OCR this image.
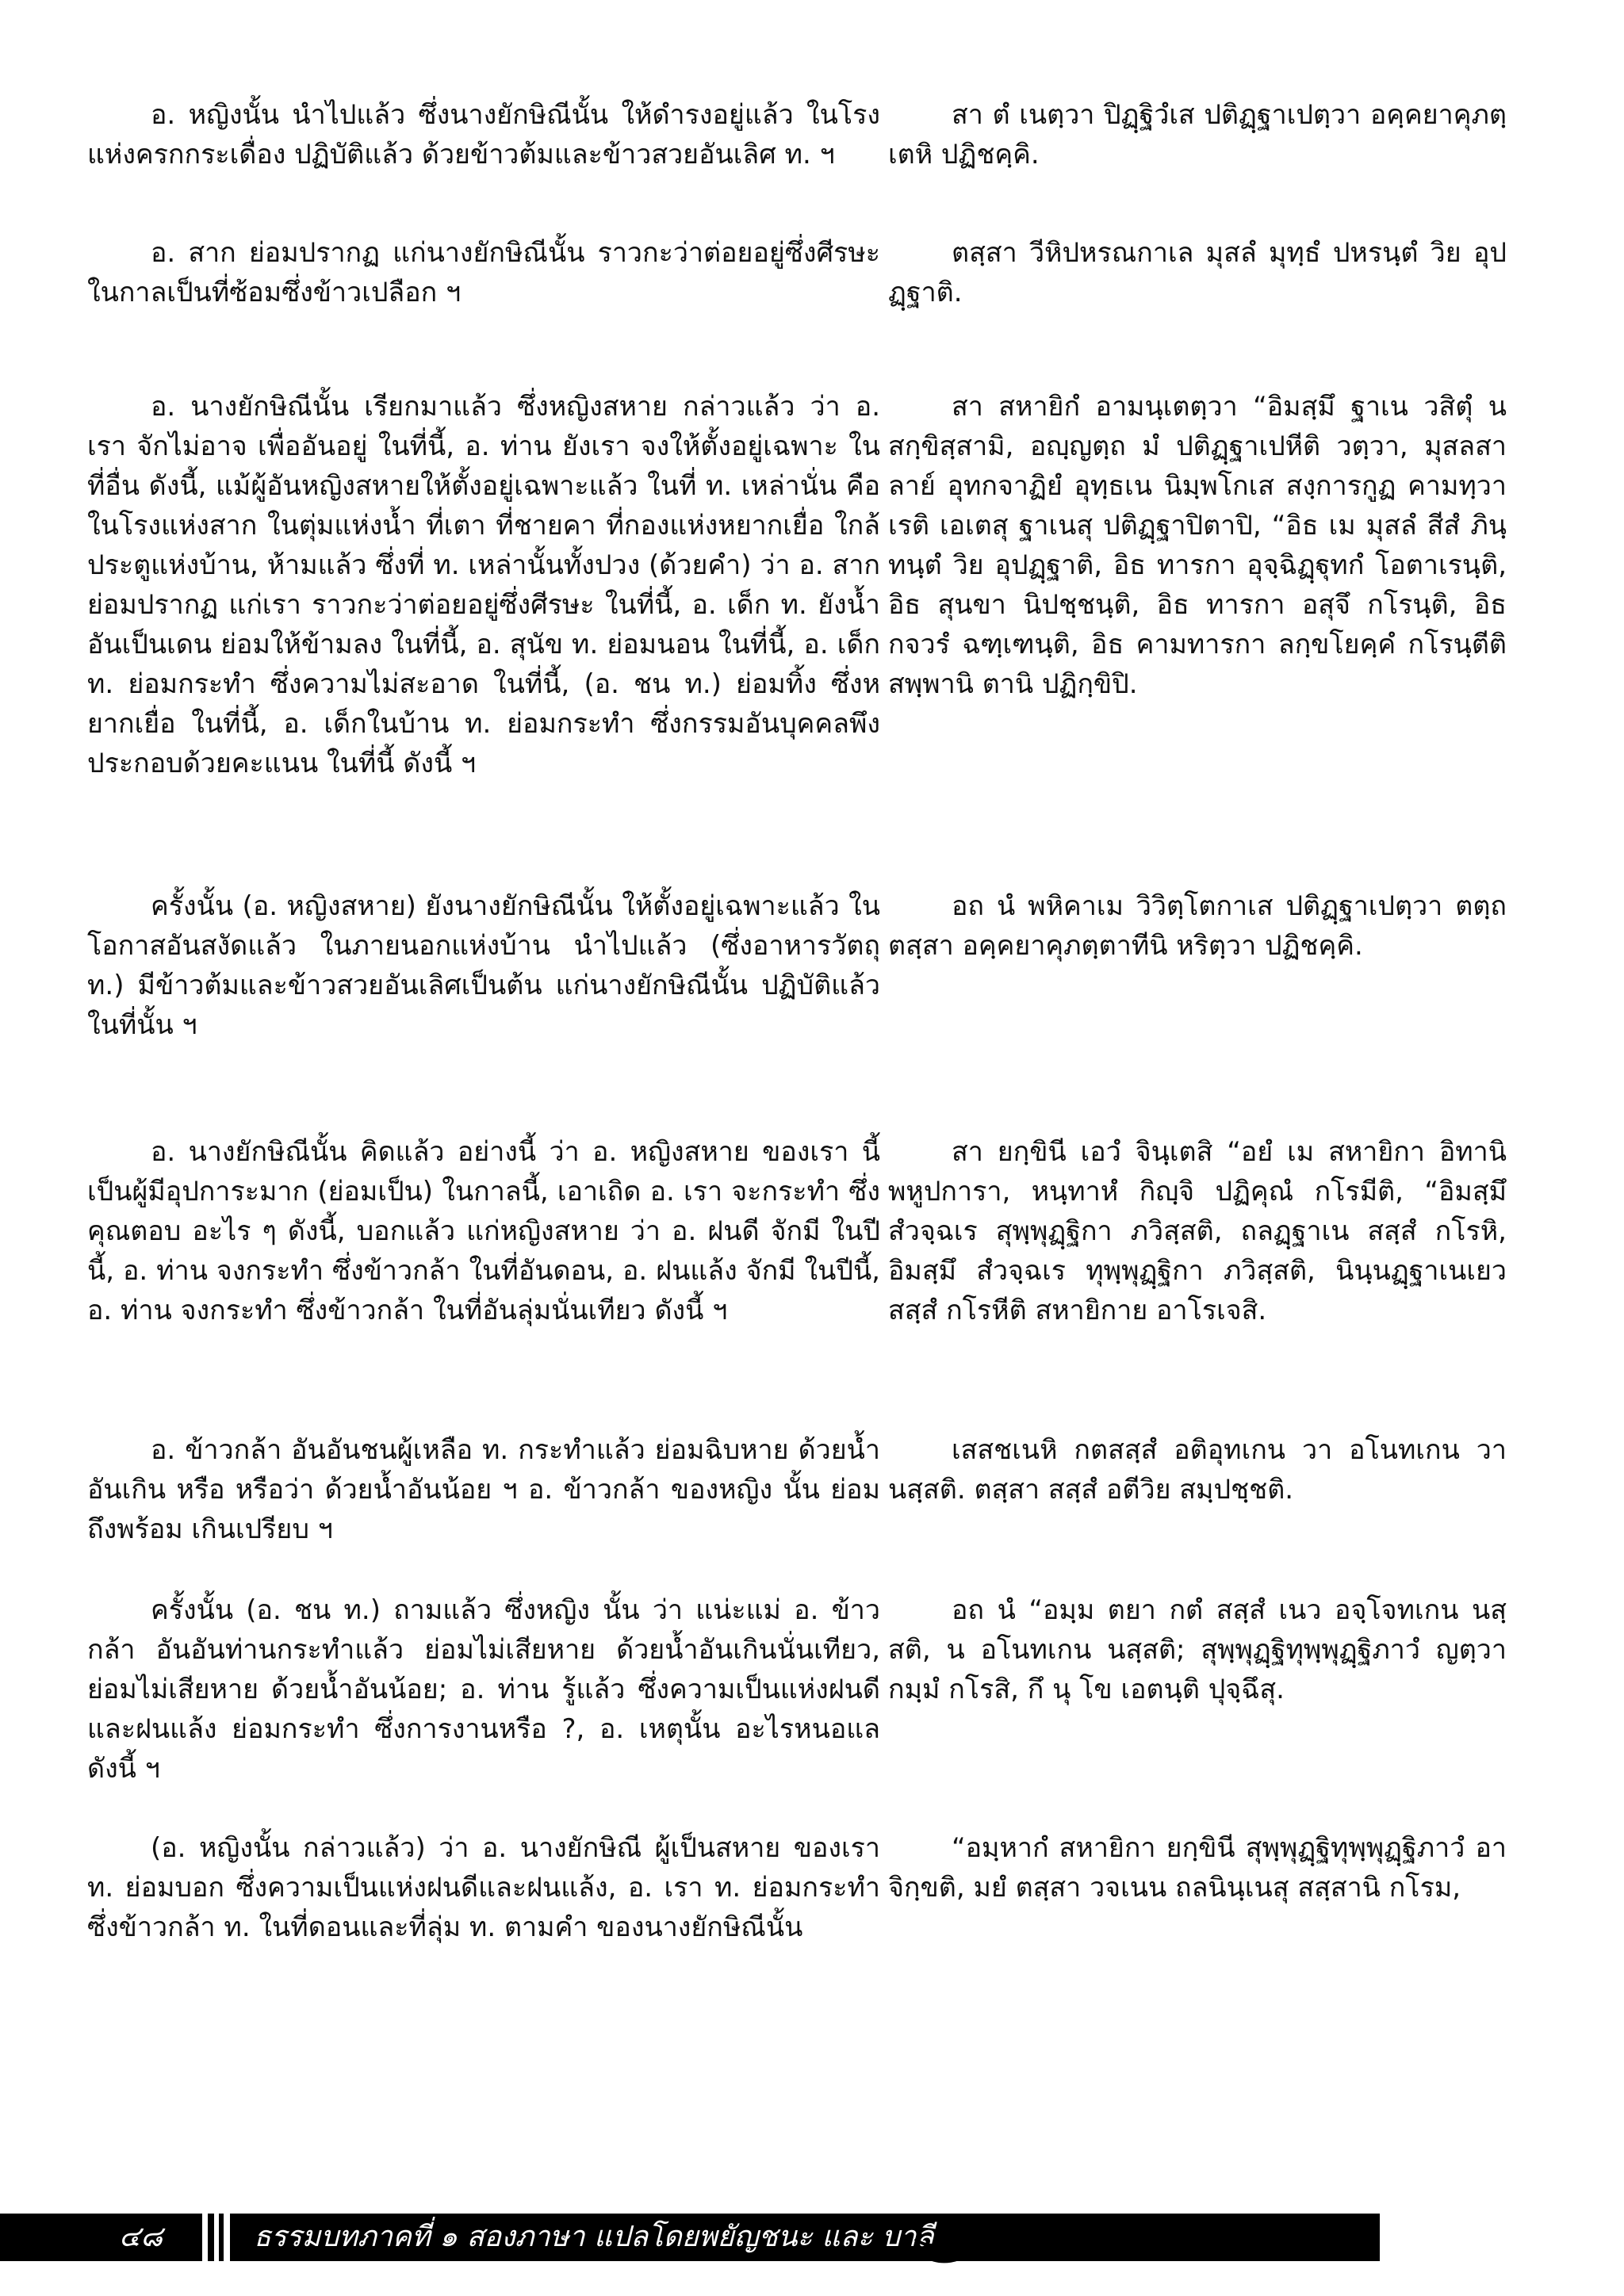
อ. หญิงนั้น นำไปแล้ว ซึ่งนางยักษิณีนั้น ให้ดำรงอยู่แล้ว ในโรงแห่งครกกระเดื่อง ปฏิบัติแล้ว ด้วยข้าวต้มและข้าวสวยอันเลิศ ท. ฯ

สา ตํ เนตฺวา ปิฏฺฐิวํเส ปติฏฺฐาเปตฺวา อคฺคยาคุภตฺเตหิ ปฏิชคฺคิ.

อ. สาก ย่อมปรากฏ แก่นางยักษิณีนั้น ราวกะว่าต่อยอยู่ซึ่งศีรษะ ในกาลเป็นที่ซ้อมซึ่งข้าวเปลือก ฯ

ตสฺสา วีหิปหรณกาเล มุสลํ มุทฺธํ ปหรนฺตํ วิย อุปฏฺฐาติ.

อ. นางยักษิณีนั้น เรียกมาแล้ว ซึ่งหญิงสหาย กล่าวแล้ว ว่า อ. เรา จักไม่อาจ เพื่ออันอยู่ ในที่นี้, อ. ท่าน ยังเรา จงให้ตั้งอยู่เฉพาะ ในที่อื่น ดังนี้, แม้ผู้อันหญิงสหายให้ตั้งอยู่เฉพาะแล้ว ในที่ ท. เหล่านั่น คือในโรงแห่งสาก ในตุ่มแห่งน้ำ ที่เตา ที่ชายคา ที่กองแห่งหยากเยื่อ ใกล้ประตูแห่งบ้าน, ห้ามแล้ว ซึ่งที่ ท. เหล่านั้นทั้งปวง (ด้วยคำ) ว่า อ. สาก ย่อมปรากฏ แก่เรา ราวกะว่าต่อยอยู่ซึ่งศีรษะ ในที่นี้, อ. เด็ก ท. ยังน้ำอันเป็นเดน ย่อมให้ข้ามลง ในที่นี้, อ. สุนัข ท. ย่อมนอน ในที่นี้, อ. เด็ก ท. ย่อมกระทำ ซึ่งความไม่สะอาด ในที่นี้, (อ. ชน ท.) ย่อมทิ้ง ซึ่งหยากเยื่อ ในที่นี้, อ. เด็กในบ้าน ท. ย่อมกระทำ ซึ่งกรรมอันบุคคลพึงประกอบด้วยคะแนน ในที่นี้ ดังนี้ ฯ

สา สหายิกํ อามนฺเตตฺวา “อิมสฺมึ ฐาเน วสิตุํ น สกฺขิสฺสามิ, อญฺญตฺถ มํ ปติฏฺฐาเปหีติ วตฺวา, มุสลสาลาย์ อุทกจาฏิยํ อุทฺธเน นิมฺพโกเส สงฺการกูฏ คามทฺวาเรติ เอเตสุ ฐาเนสุ ปติฏฺฐาปิตาปิ, “อิธ เม มุสลํ สีสํ ภินฺทนฺตํ วิย อุปฏฺฐาติ, อิธ ทารกา อุจฺฉิฏฺฐุทกํ โอตาเรนฺติ, อิธ สุนขา นิปชฺชนฺติ, อิธ ทารกา อสุจึ กโรนฺติ, อิธ กจวรํ ฉฑฺเฑนฺติ, อิธ คามทารกา ลกฺขโยคฺคํ กโรนฺตีติ สพฺพานิ ตานิ ปฏิกฺขิปิ.

ครั้งนั้น (อ. หญิงสหาย) ยังนางยักษิณีนั้น ให้ตั้งอยู่เฉพาะแล้ว ในโอกาสอันสงัดแล้ว ในภายนอกแห่งบ้าน นำไปแล้ว (ซึ่งอาหารวัตถุ ท.) มีข้าวต้มและข้าวสวยอันเลิศเป็นต้น แก่นางยักษิณีนั้น ปฏิบัติแล้ว ในที่นั้น ฯ

อถ นํ พหิคาเม วิวิตฺโตกาเส ปติฏฺฐาเปตฺวา ตตฺถ ตสฺสา อคฺคยาคุภตฺตาทีนิ หริตฺวา ปฏิชคฺคิ.

อ. นางยักษิณีนั้น คิดแล้ว อย่างนี้ ว่า อ. หญิงสหาย ของเรา นี้ เป็นผู้มีอุปการะมาก (ย่อมเป็น) ในกาลนี้, เอาเถิด อ. เรา จะกระทำ ซึ่งคุณตอบ อะไร ๆ ดังนี้, บอกแล้ว แก่หญิงสหาย ว่า อ. ฝนดี จักมี ในปีนี้, อ. ท่าน จงกระทำ ซึ่งข้าวกล้า ในที่อันดอน, อ. ฝนแล้ง จักมี ในปีนี้, อ. ท่าน จงกระทำ ซึ่งข้าวกล้า ในที่อันลุ่มนั่นเทียว ดังนี้ ฯ

สา ยกฺขินี เอวํ จินฺเตสิ “อยํ เม สหายิกา อิทานิ พหูปการา, หนฺทาหํ กิญฺจิ ปฏิคุณํ กโรมีติ, “อิมสฺมึ สํวจฺฉเร สุพฺพุฏฺฐิกา ภวิสฺสติ, ถลฏฺฐาเน สสฺสํ กโรหิ, อิมสฺมึ สํวจฺฉเร ทุพฺพุฏฺฐิกา ภวิสฺสติ, นินฺนฏฺฐาเนเยว สสฺสํ กโรหีติ สหายิกาย อาโรเจสิ.

อ. ข้าวกล้า อันอันชนผู้เหลือ ท. กระทำแล้ว ย่อมฉิบหาย ด้วยน้ำอันเกิน หรือ หรือว่า ด้วยน้ำอันน้อย ฯ อ. ข้าวกล้า ของหญิง นั้น ย่อมถึงพร้อม เกินเปรียบ ฯ

เสสชเนหิ กตสสฺสํ อติอุทเกน วา อโนทเกน วา นสฺสติ. ตสฺสา สสฺสํ อตีวิย สมฺปชฺชติ.

ครั้งนั้น (อ. ชน ท.) ถามแล้ว ซึ่งหญิง นั้น ว่า แน่ะแม่ อ. ข้าวกล้า อันอันท่านกระทำแล้ว ย่อมไม่เสียหาย ด้วยน้ำอันเกินนั่นเทียว, ย่อมไม่เสียหาย ด้วยน้ำอันน้อย; อ. ท่าน รู้แล้ว ซึ่งความเป็นแห่งฝนดีและฝนแล้ง ย่อมกระทำ ซึ่งการงานหรือ ?, อ. เหตุนั้น อะไรหนอแล ดังนี้ ฯ

อถ นํ “อมฺม ตยา กตํ สสฺสํ เนว อจฺโจทเกน นสฺสติ, น อโนทเกน นสฺสติ; สุพฺพุฏฺฐิทุพฺพุฏฺฐิภาวํ ญตฺวา กมฺมํ กโรสิ, กึ นุ โข เอตนฺติ ปุจฺฉึสุ.

(อ. หญิงนั้น กล่าวแล้ว) ว่า อ. นางยักษิณี ผู้เป็นสหาย ของเรา ท. ย่อมบอก ซึ่งความเป็นแห่งฝนดีและฝนแล้ง, อ. เรา ท. ย่อมกระทำ ซึ่งข้าวกล้า ท. ในที่ดอนและที่ลุ่ม ท. ตามคำ ของนางยักษิณีนั้น

“อมฺหากํ สหายิกา ยกฺขินี สุพฺพุฏฺฐิทุพฺพุฏฺฐิภาวํ อาจิกฺขติ, มยํ ตสฺสา วจเนน ถลนินฺเนสุ สสฺสานิ กโรม,

๔๘	ธรรมบทภาคที่ ๑ สองภาษา แปลโดยพยัญชนะ และ บาลี
